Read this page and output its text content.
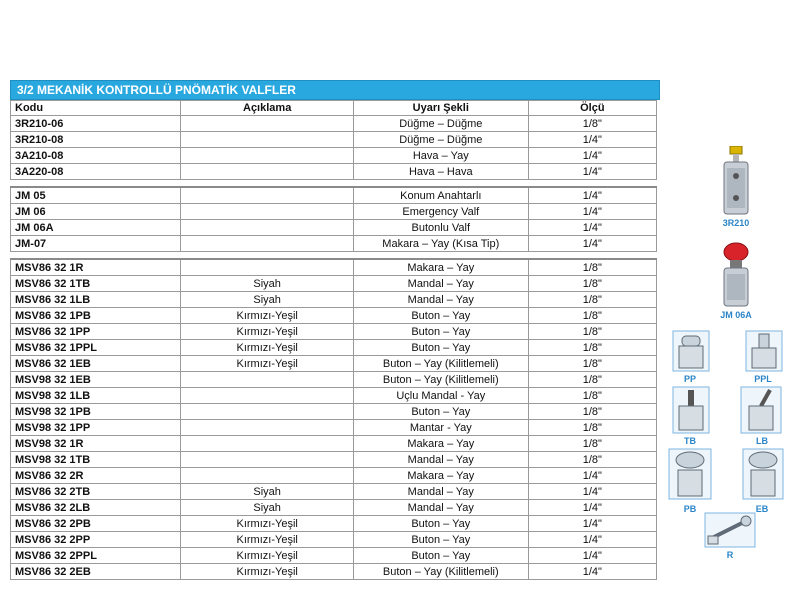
3/2 MEKANİK KONTROLLÜ PNÖMATİK VALFLER
Kodu	Açıklama	Uyarı Şekli	Ölçü
3R210-06		Düğme – Düğme	1/8"
3R210-08		Düğme – Düğme	1/4"
3A210-08		Hava – Yay	1/4"
3A220-08		Hava – Hava	1/4"
JM 05		Konum Anahtarlı	1/4"
JM 06		Emergency Valf	1/4"
JM 06A		Butonlu Valf	1/4"
JM-07		Makara – Yay (Kısa Tip)	1/4"
MSV86 32 1R		Makara – Yay	1/8"
MSV86 32 1TB	Siyah	Mandal – Yay	1/8"
MSV86 32 1LB	Siyah	Mandal – Yay	1/8"
MSV86 32 1PB	Kırmızı-Yeşil	Buton – Yay	1/8"
MSV86 32 1PP	Kırmızı-Yeşil	Buton – Yay	1/8"
MSV86 32 1PPL	Kırmızı-Yeşil	Buton – Yay	1/8"
MSV86 32 1EB	Kırmızı-Yeşil	Buton – Yay (Kilitlemeli)	1/8"
MSV98 32 1EB		Buton – Yay (Kilitlemeli)	1/8"
MSV98 32 1LB		Uçlu Mandal - Yay	1/8"
MSV98 32 1PB		Buton – Yay	1/8"
MSV98 32 1PP		Mantar - Yay	1/8"
MSV98 32 1R		Makara – Yay	1/8"
MSV98 32 1TB		Mandal – Yay	1/8"
MSV86 32 2R		Makara – Yay	1/4"
MSV86 32 2TB	Siyah	Mandal – Yay	1/4"
MSV86 32 2LB	Siyah	Mandal – Yay	1/4"
MSV86 32 2PB	Kırmızı-Yeşil	Buton – Yay	1/4"
MSV86 32 2PP	Kırmızı-Yeşil	Buton – Yay	1/4"
MSV86 32 2PPL	Kırmızı-Yeşil	Buton – Yay	1/4"
MSV86 32 2EB	Kırmızı-Yeşil	Buton – Yay (Kilitlemeli)	1/4"
3R210
JM 06A
PP	PPL
TB	LB
PB	EB
R
